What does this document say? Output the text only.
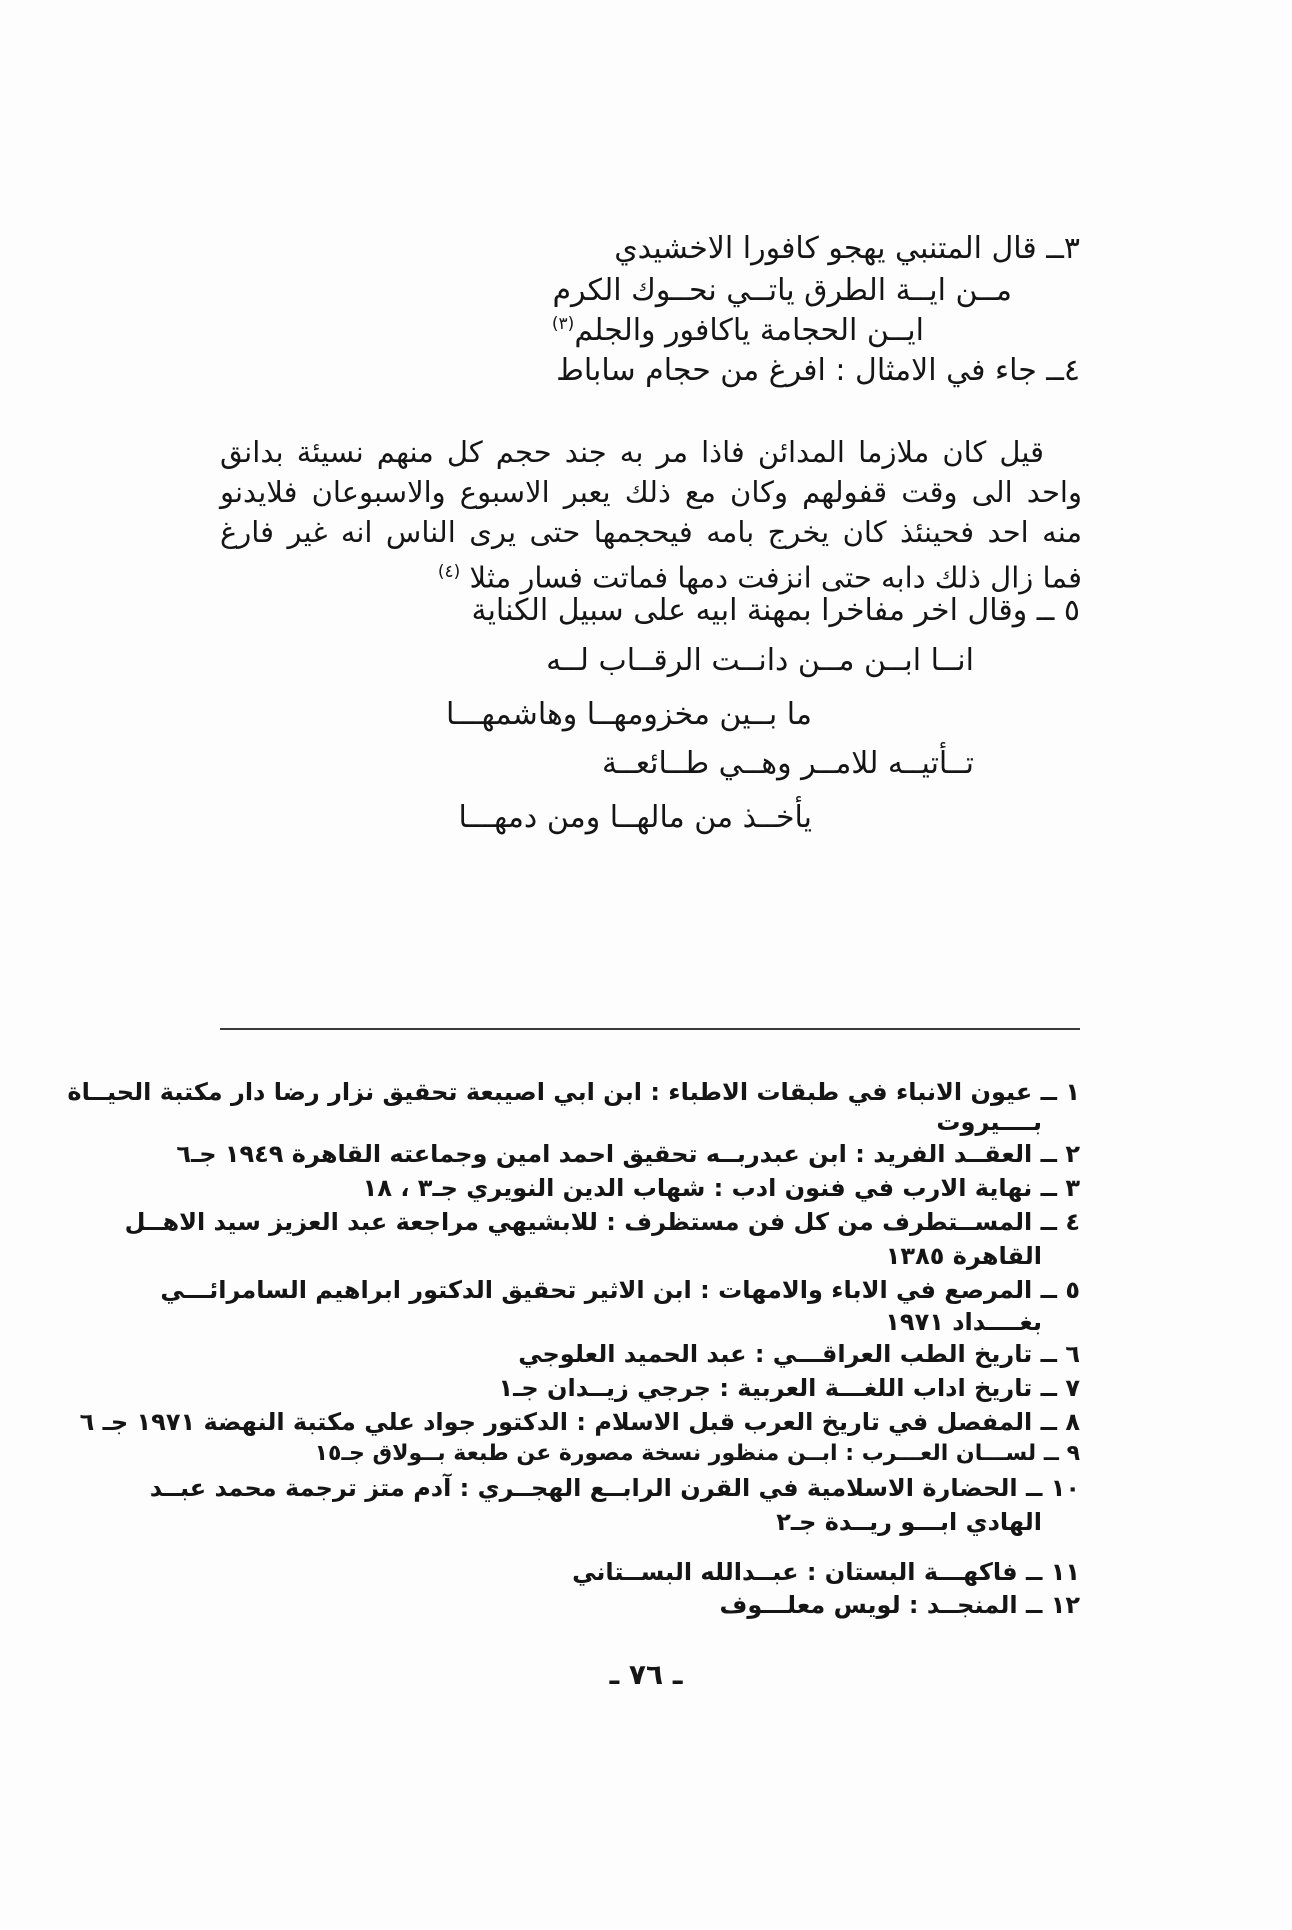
٣ــ قال المتنبي يهجو كافورا الاخشيدي
مــن ايــة الطرق ياتــي نحــوك الكرم
ايــن الحجامة ياكافور والجلم$^{(٣)}$
٤ــ جاء في الامثال : افرغ من حجام ساباط
قيل كان ملازما المدائن فاذا مر به جند حجم كل منهم نسيئة بدانق
واحد الى وقت قفولهم وكان مع ذلك يعبر الاسبوع والاسبوعان فلايدنو
منه احد فحينئذ كان يخرج بامه فيحجمها حتى يرى الناس انه غير فارغ
فما زال ذلك دابه حتى انزفت دمها فماتت فسار مثلا $^{(٤)}$
٥ ــ وقال اخر مفاخرا بمهنة ابيه على سبيل الكناية
انــا ابــن مــن دانــت الرقــاب لــه
ما بــين مخزومهــا وهاشمهـــا
تــأتيــه للامــر وهــي طــائعــة
يأخــذ من مالهــا ومن دمهـــا
١ ــ عيون الانباء في طبقات الاطباء : ابن ابي اصيبعة تحقيق نزار رضا دار مكتبة الحيــاة
بــــيروت
٢ ــ العقــد الفريد : ابن عبدربــه تحقيق احمد امين وجماعته القاهرة ١٩٤٩ جـ٦
٣ ــ نهاية الارب في فنون ادب : شهاب الدين النويري جـ٣ ، ١٨
٤ ــ المســتطرف من كل فن مستظرف : للابشيهي مراجعة عبد العزيز سيد الاهــل
القاهرة ١٣٨٥
٥ ــ المرصع في الاباء والامهات : ابن الاثير تحقيق الدكتور ابراهيم السامرائـــي
بغــــداد ١٩٧١
٦ ــ تاريخ الطب العراقـــي : عبد الحميد العلوجي
٧ ــ تاريخ اداب اللغـــة العربية : جرجي زيــدان جـ١
٨ ــ المفصل في تاريخ العرب قبل الاسلام : الدكتور جواد علي مكتبة النهضة ١٩٧١ جـ ٦
٩ ــ لســـان العـــرب : ابــن منظور نسخة مصورة عن طبعة بــولاق جـ١٥
١٠ ــ الحضارة الاسلامية في القرن الرابــع الهجــري : آدم متز ترجمة محمد عبــد
الهادي ابـــو ريــدة جـ٢
١١ ــ فاكهـــة البستان : عبــدالله البســتاني
١٢ ــ المنجــد : لويس معلـــوف
ـ ٧٦ ـ
